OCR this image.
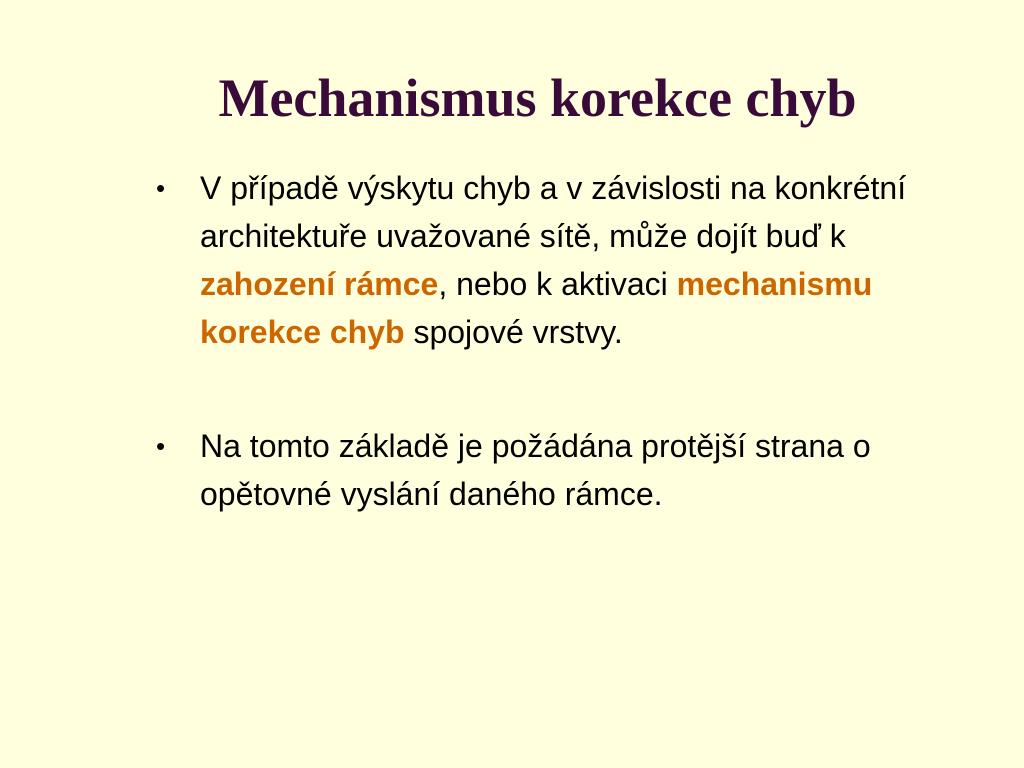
Mechanismus korekce chyb
• V případě výskytu chyb a v závislosti na konkrétní architektuře uvažované sítě, může dojít buď k zahození rámce, nebo k aktivaci mechanismu korekce chyb spojové vrstvy.
• Na tomto základě je požádána protější strana o opětovné vyslání daného rámce.
